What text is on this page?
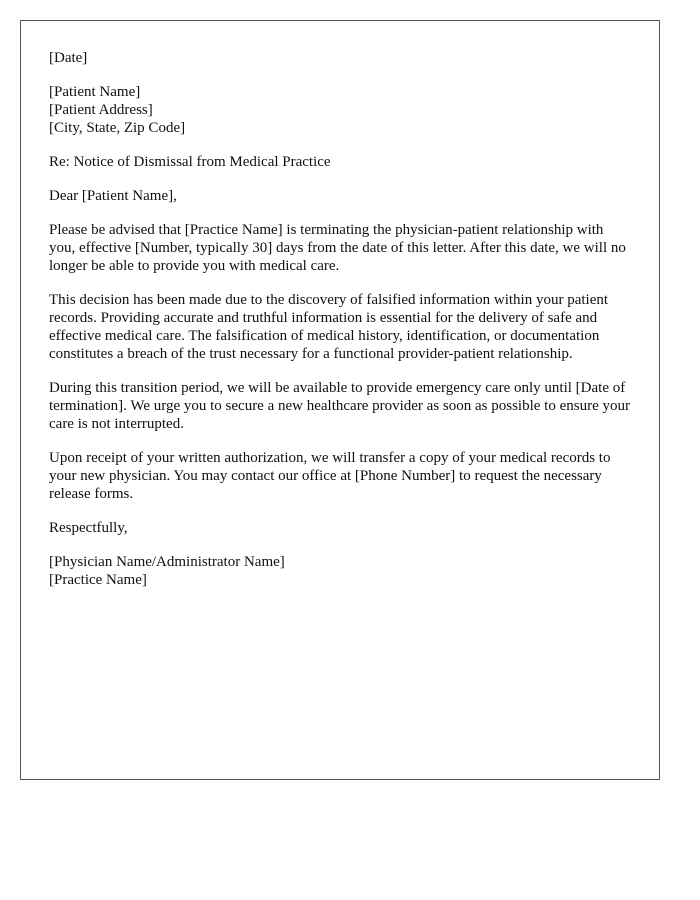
[Date]

[Patient Name]
[Patient Address]
[City, State, Zip Code]

Re: Notice of Dismissal from Medical Practice

Dear [Patient Name],

Please be advised that [Practice Name] is terminating the physician-patient relationship with you, effective [Number, typically 30] days from the date of this letter. After this date, we will no longer be able to provide you with medical care.

This decision has been made due to the discovery of falsified information within your patient records. Providing accurate and truthful information is essential for the delivery of safe and effective medical care. The falsification of medical history, identification, or documentation constitutes a breach of the trust necessary for a functional provider-patient relationship.

During this transition period, we will be available to provide emergency care only until [Date of termination]. We urge you to secure a new healthcare provider as soon as possible to ensure your care is not interrupted.

Upon receipt of your written authorization, we will transfer a copy of your medical records to your new physician. You may contact our office at [Phone Number] to request the necessary release forms.

Respectfully,

[Physician Name/Administrator Name]
[Practice Name]
